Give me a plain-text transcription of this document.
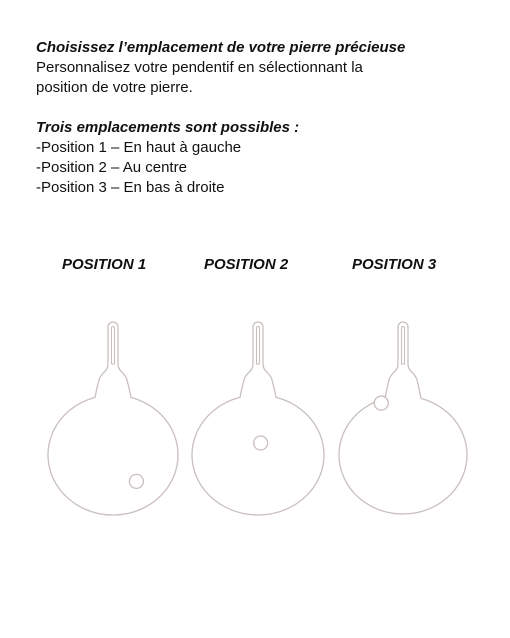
Choisissez l’emplacement de votre pierre précieuse
Personnalisez votre pendentif en sélectionnant la
position de votre pierre.
Trois emplacements sont possibles :
-Position 1 – En haut à gauche
-Position 2 – Au centre
-Position 3 – En bas à droite
POSITION 1	POSITION 2	POSITION 3
